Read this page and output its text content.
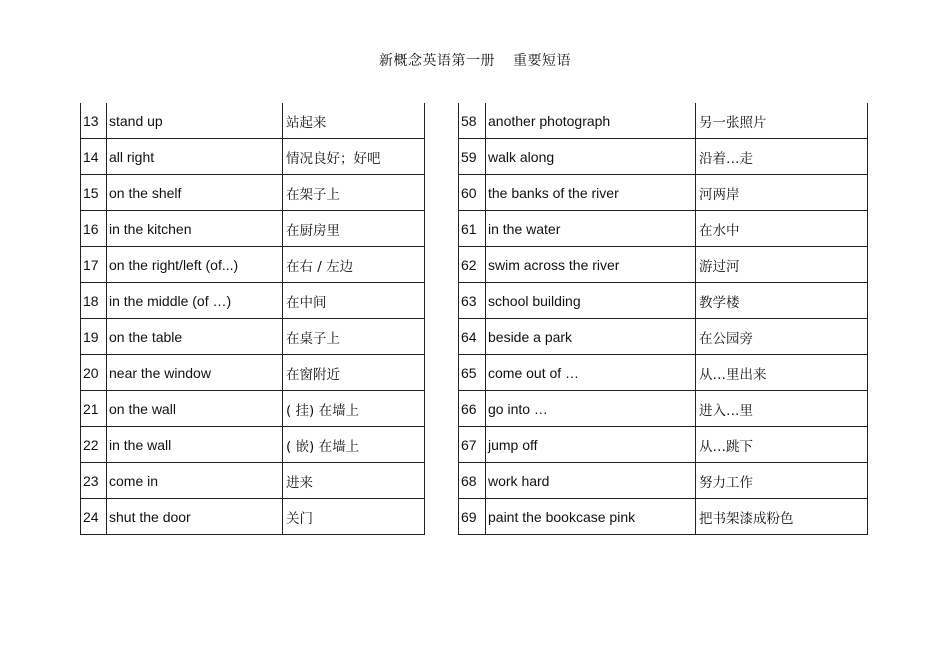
新概念英语第一册 重要短语
13	stand up	站起来
14	all right	情况良好；好吧
15	on the shelf	在架子上
16	in the kitchen	在厨房里
17	on the right/left (of...)	在右 / 左边
18	in the middle (of …)	在中间
19	on the table	在桌子上
20	near the window	在窗附近
21	on the wall	( 挂) 在墙上
22	in the wall	( 嵌) 在墙上
23	come in	进来
24	shut the door	关门
58	another photograph	另一张照片
59	walk along	沿着…走
60	the banks of the river	河两岸
61	in the water	在水中
62	swim across the river	游过河
63	school building	教学楼
64	beside a park	在公园旁
65	come out of …	从…里出来
66	go into …	进入…里
67	jump off	从…跳下
68	work hard	努力工作
69	paint the bookcase pink	把书架漆成粉色
